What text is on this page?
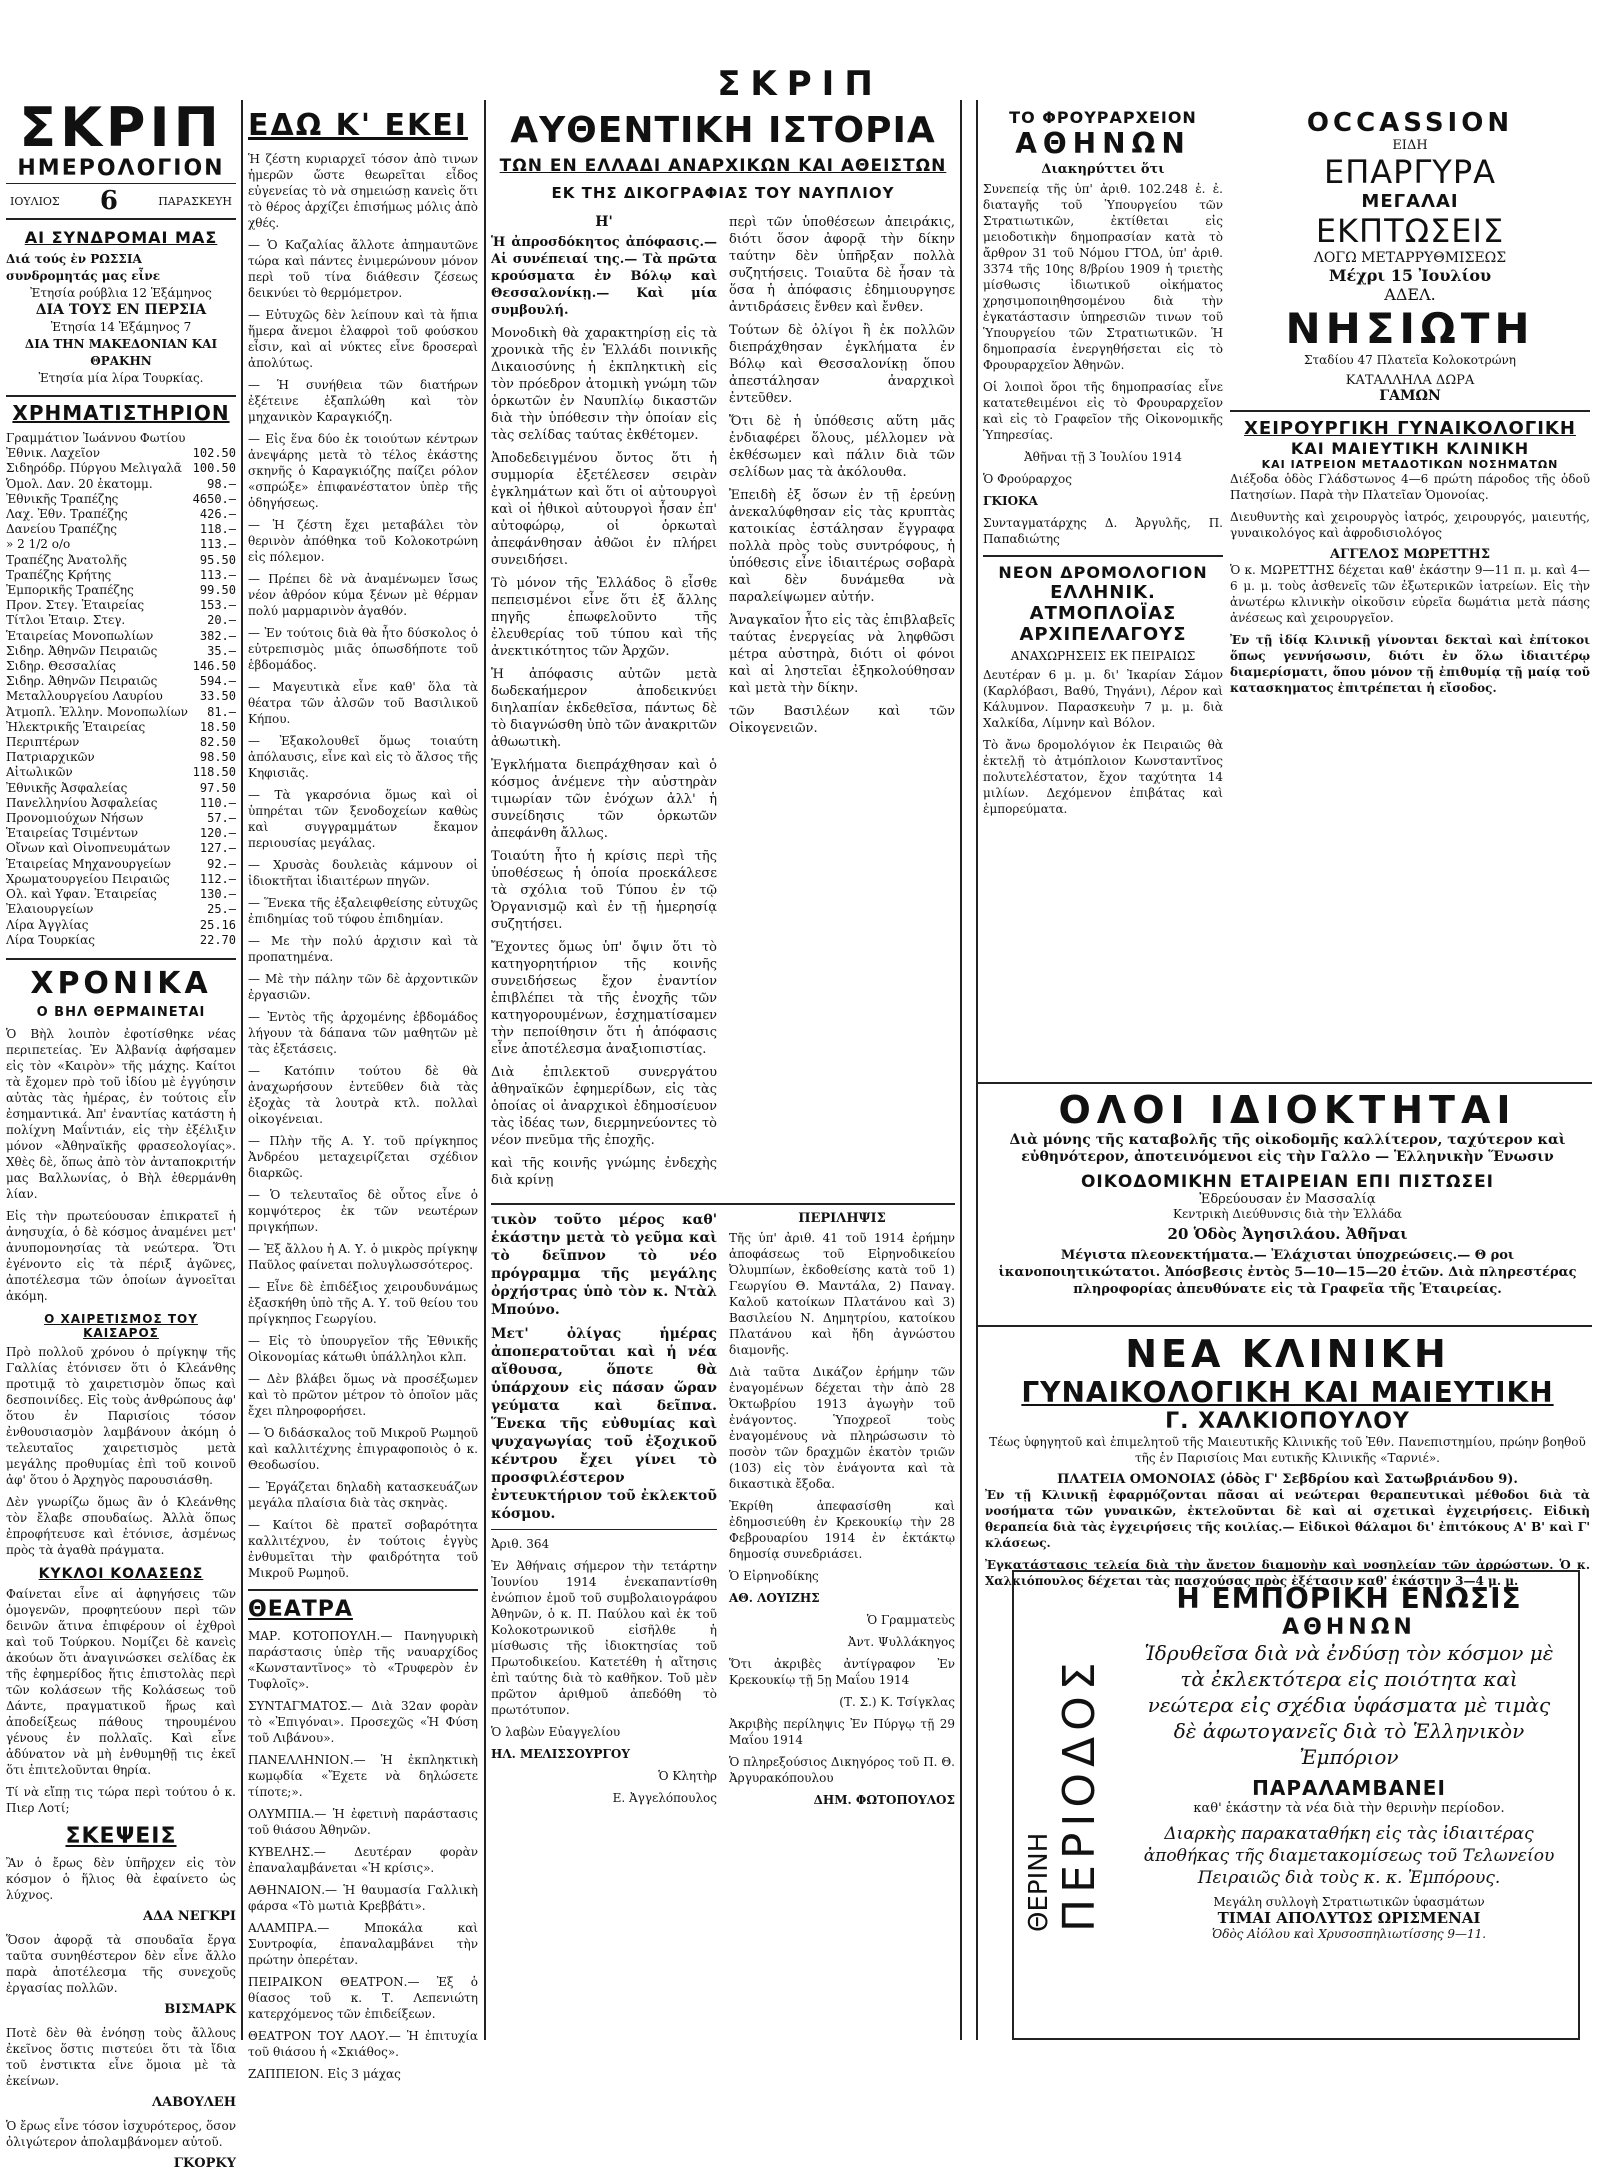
ΣΚΡΙΠ
ΣΚΡΙΠ
ΗΜΕΡΟΛΟΓΙΟΝ
ΙΟΥΛΙΟΣ 6	ΠΑΡΑΣΚΕΥΗ
ΑΙ ΣΥΝΔΡΟΜΑΙ ΜΑΣ
Διά τούς ἐν ΡΩΣΣΙΑ συνδρομητάς μας εἶνε
Ἐτησία ρούβλια 12 Ἑξάμηνος
ΔΙΑ ΤΟΥΣ ΕΝ ΠΕΡΣΙΑ
Ἐτησία 14 Ἑξάμηνος 7
ΔΙΑ ΤΗΝ ΜΑΚΕΔΟΝΙΑΝ ΚΑΙ ΘΡΑΚΗΝ
Ἐτησία μία λίρα Τουρκίας.
ΧΡΗΜΑΤΙΣΤΗΡΙΟΝ
Γραμμάτιον Ἰωάννου Φωτίου
Ἐθνικ. Λαχεῖον	102.50
Σιδηρόδρ. Πύργου Μελιγαλᾶ 100.50
Ὁμολ. Δαν. 20 ἑκατομμ.	98.—
Ἐθνικῆς Τραπέζης	4650.—
Λαχ. Ἐθν. Τραπέζης	426.—
Δανείου Τραπέζης	118.—
» 2 1/2 ο/ο	113.—
Τραπέζης Ἀνατολῆς	95.50
Τραπέζης Κρήτης	113.—
Ἐμπορικῆς Τραπέζης	99.50
Προν. Στεγ. Ἑταιρείας	153.—
Τίτλοι Ἑταιρ. Στεγ.	20.—
Ἑταιρείας Μονοπωλίων	382.—
Σιδηρ. Ἀθηνῶν Πειραιῶς	35.—
Σιδηρ. Θεσσαλίας	146.50
Σιδηρ. Ἀθηνῶν Πειραιῶς	594.—
Μεταλλουργείου Λαυρίου	33.50
Ἀτμοπλ. Ἑλλην. Μονοπωλίων 81.—
Ἠλεκτρικῆς Ἑταιρείας	18.50
Περιπτέρων	82.50
Πατριαρχικῶν	98.50
Αἰτωλικῶν	118.50
Ἐθνικῆς Ἀσφαλείας	97.50
Πανελληνίου Ἀσφαλείας	110.—
Προνομιούχων Νήσων	57.—
Ἑταιρείας Τσιμέντων	120.—
Οἴνων καὶ Οἰνοπνευμάτων 127.—
Ἑταιρείας Μηχανουργείων	92.—
Χρωματουργείου Πειραιῶς	112.—
Ολ. καὶ Υφαν. Ἑταιρείας	130.—
Ἐλαιουργείων	25.—
Λίρα Ἀγγλίας	25.16
Λίρα Τουρκίας	22.70
ΧΡΟΝΙΚΑ
Ο ΒΗΛ ΘΕΡΜΑΙΝΕΤΑΙ

Ὁ Βὴλ λοιπὸν ἐφοτίσθηκε νέας περιπετείας. Ἐν Ἀλβανίᾳ ἀφήσαμεν εἰς τὸν «Καιρὸν» τῆς μάχης. Καίτοι τὰ ἔχομεν πρὸ τοῦ ἰδίου μὲ ἐγγύησιν αὐτὰς τὰς ἡμέρας, ἐν τούτοις εἶν ἐσημαντικά. Ἀπ' ἐναντίας κατάστη ἡ πολίχνη Μαΐντιάν, εἰς τὴν ἐξέλιξιν μόνον «Ἀθηναϊκῆς φρασεολογίας». Χθὲς δὲ, ὅπως ἀπὸ τὸν ἀνταποκριτήν μας Βαλλωνίας, ὁ Βὴλ ἐθερμάνθη λίαν.

Εἰς τὴν πρωτεύουσαν ἐπικρατεῖ ἡ ἀνησυχία, ὁ δὲ κόσμος ἀναμένει μετ' ἀνυπομονησίας τὰ νεώτερα. Ὅτι ἐγένοντο εἰς τὰ πέριξ ἀγῶνες, ἀποτέλεσμα τῶν ὁποίων ἀγνοεῖται ἀκόμη.

Ο ΧΑΙΡΕΤΙΣΜΟΣ ΤΟΥ ΚΑΙΣΑΡΟΣ

Πρὸ πολλοῦ χρόνου ὁ πρίγκηψ τῆς Γαλλίας ἐτόνισεν ὅτι ὁ Κλεάνθης προτιμᾷ τὸ χαιρετισμὸν ὅπως καὶ δεσποινίδες. Εἰς τοὺς ἀνθρώπους ἀφ' ὅτου ἐν Παρισίοις τόσον ἐνθουσιασμὸν λαμβάνουν ἀκόμη ὁ τελευταῖος χαιρετισμὸς μετὰ μεγάλης προθυμίας ἐπὶ τοῦ κοινοῦ ἀφ' ὅτου ὁ Ἀρχηγὸς παρουσιάσθη.

Δὲν γνωρίζω ὅμως ἂν ὁ Κλεάνθης τὸν ἔλαβε σπουδαίως. Ἀλλὰ ὅπως ἐπροφήτευσε καὶ ἐτόνισε, ἀσμένως πρὸς τὰ ἀγαθὰ πράγματα.

ΚΥΚΛΟΙ ΚΟΛΑΣΕΩΣ

Φαίνεται εἶνε αἱ ἀφηγήσεις τῶν ὁμογενῶν, προφητεύουν περὶ τῶν δεινῶν ἅτινα ἐπιφέρουν οἱ ἐχθροὶ καὶ τοῦ Τούρκου. Νομίζει δὲ κανεὶς ἀκούων ὅτι ἀναγινώσκει σελίδας ἐκ τῆς ἐφημερίδος ἥτις ἐπιστολὰς περὶ τῶν κολάσεων τῆς Κολάσεως τοῦ Δάντε, πραγματικοῦ ἥρως καὶ ἀποδείξεως πάθους τηρουμένου γένους ἐν πολλαῖς. Καὶ εἶνε ἀδύνατον νὰ μὴ ἐνθυμηθῇ τις ἐκεῖ ὅτι ἐπιτελοῦνται θηρία.

Τί νὰ εἴπῃ τις τώρα περὶ τούτου ὁ κ. Πιερ Λοτί;

ΣΚΕΨΕΙΣ

Ἂν ὁ ἔρως δὲν ὑπῆρχεν εἰς τὸν κόσμον ὁ ἥλιος θὰ ἐφαίνετο ὡς λύχνος.

ΑΔΑ ΝΕΓΚΡΙ

Ὅσον ἀφορᾷ τὰ σπουδαῖα ἔργα ταῦτα συνηθέστερον δὲν εἶνε ἄλλο παρὰ ἀποτέλεσμα τῆς συνεχοῦς ἐργασίας πολλῶν.

ΒΙΣΜΑΡΚ

Ποτὲ δὲν θὰ ἐνόησῃ τοὺς ἄλλους ἐκεῖνος ὅστις πιστεύει ὅτι τὰ ἴδια τοῦ ἐνστικτα εἶνε ὅμοια μὲ τὰ ἐκείνων.

ΛΑΒΟΥΛΕΗ

Ὁ ἔρως εἶνε τόσον ἰσχυρότερος, ὅσον ὀλιγώτερον ἀπολαμβάνομεν αὐτοῦ.

ΓΚΟΡΚΥ
ΕΔΩ Κ' ΕΚΕΙ

Ἡ ζέστη κυριαρχεῖ τόσον ἀπὸ τινων ἡμερῶν ὥστε θεωρεῖται εἶδος εὐγενείας τὸ νὰ σημειώσῃ κανεὶς ὅτι τὸ θέρος ἀρχίζει ἐπισήμως μόλις ἀπὸ χθές.

— Ὁ Καζαλίας ἄλλοτε ἀπημαυτῶνε τώρα καὶ πάντες ἐνιμερώνουν μόνον περὶ τοῦ τίνα διάθεσιν ζέσεως δεικνύει τὸ θερμόμετρον.

— Εὐτυχῶς δὲν λείπουν καὶ τὰ ἥπια ἥμερα ἄνεμοι ἐλαφροὶ τοῦ φούσκου εἶσιν, καὶ αἱ νύκτες εἶνε δροσεραὶ ἀπολύτως.

— Ἡ συνήθεια τῶν διατήρων ἐξέτεινε ἐξαπλώθη καὶ τὸν μηχανικὸν Καραγκιόζη.

— Εἰς ἕνα δύο ἐκ τοιούτων κέντρων ἀνεψάρης μετὰ τὸ τέλος ἑκάστης σκηνῆς ὁ Καραγκιόζης παίζει ρόλον «σπρώξε» ἐπιφανέστατον ὑπὲρ τῆς ὁδηγήσεως.

— Ἡ ζέστη ἔχει μεταβάλει τὸν θερινὸν ἀπόθηκα τοῦ Κολοκοτρώνη εἰς πόλεμον.

— Πρέπει δὲ νὰ ἀναμένωμεν ἴσως νέον ἀθρόον κύμα ξένων μὲ θέρμαν πολύ μαρμαρινὸν ἀγαθόν.

— Ἐν τούτοις διὰ θὰ ἦτο δύσκολος ὁ εὐτρεπισμὸς μιᾶς ὁπωσδήποτε τοῦ ἑβδομάδος.

— Μαγευτικὰ εἶνε καθ' ὅλα τὰ θέατρα τῶν ἀλσῶν τοῦ Βασιλικοῦ Κήπου.

— Ἐξακολουθεῖ ὅμως τοιαύτη ἀπόλαυσις, εἶνε καὶ εἰς τὸ ἄλσος τῆς Κηφισιᾶς.

— Τὰ γκαρσόνια ὅμως καὶ οἱ ὑπηρέται τῶν ξενοδοχείων καθὼς καὶ συγγραμμάτων ἔκαμον περιουσίας μεγάλας.

— Χρυσὰς δουλειὰς κάμνουν οἱ ἰδιοκτῆται ἰδιαιτέρων πηγῶν.

— Ἕνεκα τῆς ἐξαλειφθείσης εὐτυχῶς ἐπιδημίας τοῦ τύφου ἐπιδημίαν.

— Με τὴν πολύ ἀρχισιν καὶ τὰ προπατημένα.

— Μὲ τὴν πάλην τῶν δὲ ἀρχοντικῶν ἐργασιῶν.

— Ἐντὸς τῆς ἀρχομένης ἑβδομάδος λήγουν τὰ δάπανα τῶν μαθητῶν μὲ τὰς ἐξετάσεις.

— Κατόπιν τούτου δὲ θὰ ἀναχωρήσουν ἐντεῦθεν διὰ τὰς ἐξοχὰς τὰ λουτρὰ κτλ. πολλαὶ οἰκογένειαι.

— Πλὴν τῆς Α. Υ. τοῦ πρίγκηπος Ἀνδρέου μεταχειρίζεται σχέδιον διαρκῶς.

— Ὁ τελευταῖος δὲ οὗτος εἶνε ὁ κομψότερος ἐκ τῶν νεωτέρων πριγκήπων.

— Ἐξ ἄλλου ἡ Α. Υ. ὁ μικρὸς πρίγκηψ Παῦλος φαίνεται πολυγλωσσότερος.

— Εἶνε δὲ ἐπιδέξιος χειρουδυνάμως ἐξασκήθη ὑπὸ τῆς Α. Υ. τοῦ θείου του πρίγκηπος Γεωργίου.

— Εἰς τὸ ὑπουργεῖον τῆς Ἐθνικῆς Οἰκονομίας κάτωθι ὑπάλληλοι κλπ.

— Δὲν βλάβει ὅμως νὰ προσέξωμεν καὶ τὸ πρῶτον μέτρον τὸ ὁποῖον μᾶς ἔχει πληροφορήσει.

— Ὁ διδάσκαλος τοῦ Μικροῦ Ρωμηοῦ καὶ καλλιτέχνης ἐπιγραφοποιὸς ὁ κ. Θεοδωσίου.

— Ἐργάζεται δηλαδὴ κατασκευάζων μεγάλα πλαίσια διὰ τὰς σκηνὰς.

— Καίτοι δὲ πρατεῖ σοβαρότητα καλλιτέχνου, ἐν τούτοις ἐγγὺς ἐνθυμεῖται τὴν φαιδρότητα τοῦ Μικροῦ Ρωμηοῦ.

ΘΕΑΤΡΑ

ΜΑΡ. ΚΟΤΟΠΟΥΛΗ.— Πανηγυρικὴ παράστασις ὑπὲρ τῆς ναυαρχίδος «Κωνσταντῖνος» τὸ «Τρυφερὸν ἐν Τυφλοῖς».

ΣΥΝΤΑΓΜΑΤΟΣ.— Διὰ 32αν φορὰν τὸ «Ἐπιγόναι». Προσεχῶς «Ἡ Φύση τοῦ Λιβάνου».

ΠΑΝΕΛΛΗΝΙΟΝ.— Ἡ ἐκπληκτικὴ κωμῳδία «Ἔχετε νὰ δηλώσετε τίποτε;».

ΟΛΥΜΠΙΑ.— Ἡ ἐφετινὴ παράστασις τοῦ θιάσου Ἀθηνῶν.

ΚΥΒΕΛΗΣ.— Δευτέραν φορὰν ἐπαναλαμβάνεται «Ἡ κρίσις».

ΑΘΗΝΑΙΟΝ.— Ἡ θαυμασία Γαλλικὴ φάρσα «Τὸ μωτιὰ Κρεββάτι».

ΑΛΑΜΠΡΑ.— Μποκάλα καὶ Συντροφία, ἐπαναλαμβάνει τὴν πρώτην ὀπερέταν.

ΠΕΙΡΑΙΚΟΝ ΘΕΑΤΡΟΝ.— Ἐξ ὁ θίασος τοῦ κ. Τ. Λεπενιώτη κατερχόμενος τῶν ἐπιδείξεων.

ΘΕΑΤΡΟΝ ΤΟΥ ΛΑΟΥ.— Ἡ ἐπιτυχία τοῦ θιάσου ἡ «Σκιάθος».

ΖΑΠΠΕΙΟΝ. Εἰς 3 μάχας

ΑΥΘΕΝΤΙΚΗ ΙΣΤΟΡΙΑ
ΤΩΝ ΕΝ ΕΛΛΑΔΙ ΑΝΑΡΧΙΚΩΝ ΚΑΙ ΑΘΕΙΣΤΩΝ
ΕΚ ΤΗΣ ΔΙΚΟΓΡΑΦΙΑΣ ΤΟΥ ΝΑΥΠΛΙΟΥ
Η'

Ἡ ἀπροσδόκητος ἀπόφασις.— Αἱ συνέπειαί της.— Τὰ πρῶτα κρούσματα ἐν Βόλῳ καὶ Θεσσαλονίκῃ.— Καὶ μία συμβουλή.

Μονοδικὴ θὰ χαρακτηρίσῃ εἰς τὰ χρονικὰ τῆς ἐν Ἑλλάδι ποινικῆς Δικαιοσύνης ἡ ἐκπληκτικὴ εἰς τὸν πρόεδρον ἀτομικὴ γνώμη τῶν ὁρκωτῶν ἐν Ναυπλίῳ δικαστῶν διὰ τὴν ὑπόθεσιν τὴν ὁποίαν εἰς τὰς σελίδας ταύτας ἐκθέτομεν.

Ἀποδεδειγμένου ὄντος ὅτι ἡ συμμορία ἐξετέλεσεν σειρὰν ἐγκλημάτων καὶ ὅτι οἱ αὐτουργοὶ καὶ οἱ ἠθικοὶ αὐτουργοὶ ἦσαν ἐπ' αὐτοφώρῳ, οἱ ὁρκωταὶ ἀπεφάνθησαν ἀθῶοι ἐν πλήρει συνειδήσει.

Τὸ μόνον τῆς Ἑλλάδος ὃ εἶσθε πεπεισμένοι εἶνε ὅτι ἐξ ἄλλης πηγῆς ἐπωφελοῦντο τῆς ἐλευθερίας τοῦ τύπου καὶ τῆς ἀνεκτικότητος τῶν Ἀρχῶν.

Ἡ ἀπόφασις αὐτῶν μετὰ δωδεκαήμερον ἀποδεικνύει διηλαπίαν ἐκδεθεῖσα, πάντως δὲ τὸ διαγνώσθη ὑπὸ τῶν ἀνακριτῶν ἀθωωτικὴ.

Ἐγκλήματα διεπράχθησαν καὶ ὁ κόσμος ἀνέμενε τὴν αὐστηρὰν τιμωρίαν τῶν ἐνόχων ἀλλ' ἡ συνείδησις τῶν ὁρκωτῶν ἀπεφάνθη ἄλλως.

Τοιαύτη ἦτο ἡ κρίσις περὶ τῆς ὑποθέσεως ἡ ὁποία προεκάλεσε τὰ σχόλια τοῦ Τύπου ἐν τῷ Ὀργανισμῷ καὶ ἐν τῇ ἡμερησίᾳ συζητήσει.

Ἔχοντες ὅμως ὑπ' ὄψιν ὅτι τὸ κατηγορητήριον τῆς κοινῆς συνειδήσεως ἔχον ἐναντίον ἐπιβλέπει τὰ τῆς ἐνοχῆς τῶν κατηγορουμένων, ἐσχηματίσαμεν τὴν πεποίθησιν ὅτι ἡ ἀπόφασις εἶνε ἀποτέλεσμα ἀναξιοπιστίας.

Διὰ ἐπιλεκτοῦ συνεργάτου ἀθηναϊκῶν ἐφημερίδων, εἰς τὰς ὁποίας οἱ ἀναρχικοὶ ἐδημοσίευον τὰς ἰδέας των, διερμηνεύοντες τὸ νέον πνεῦμα τῆς ἐποχῆς.

καὶ τῆς κοινῆς γνώμης ἐνδεχὴς διὰ κρίνῃ

περὶ τῶν ὑποθέσεων ἀπειράκις, διότι ὅσον ἀφορᾷ τὴν δίκην ταύτην δὲν ὑπῆρξαν πολλὰ συζητήσεις. Τοιαῦτα δὲ ἦσαν τὰ ὅσα ἡ ἀπόφασις ἐδημιουργησε ἀντιδράσεις ἔνθεν καὶ ἔνθεν.

Τούτων δὲ ὀλίγοι ἢ ἐκ πολλῶν διεπράχθησαν ἐγκλήματα ἐν Βόλῳ καὶ Θεσσαλονίκῃ ὅπου ἀπεστάλησαν ἀναρχικοὶ ἐντεῦθεν.

Ὅτι δὲ ἡ ὑπόθεσις αὕτη μᾶς ἐνδιαφέρει ὅλους, μέλλομεν νὰ ἐκθέσωμεν καὶ πάλιν διὰ τῶν σελίδων μας τὰ ἀκόλουθα.

Ἐπειδὴ ἐξ ὅσων ἐν τῇ ἐρεύνῃ ἀνεκαλύφθησαν εἰς τὰς κρυπτὰς κατοικίας ἐστάλησαν ἔγγραφα πολλὰ πρὸς τοὺς συντρόφους, ἡ ὑπόθεσις εἶνε ἰδιαιτέρως σοβαρὰ καὶ δὲν δυνάμεθα νὰ παραλείψωμεν αὐτήν.

Ἀναγκαῖον ἦτο εἰς τὰς ἐπιβλαβεῖς ταύτας ἐνεργείας νὰ ληφθῶσι μέτρα αὐστηρὰ, διότι οἱ φόνοι καὶ αἱ ληστεῖαι ἐξηκολούθησαν καὶ μετὰ τὴν δίκην.

τῶν Βασιλέων καὶ τῶν Οἰκογενειῶν.

τικὸν τοῦτο μέρος καθ' ἑκάστην μετὰ τὸ γεῦμα καὶ τὸ δεῖπνον τὸ νέο πρόγραμμα τῆς μεγάλης ὀρχήστρας ὑπὸ τὸν κ. Ντὰλ Μπούνο.

Μετ' ὀλίγας ἡμέρας ἀποπερατοῦται καὶ ἡ νέα αἴθουσα, ὅποτε θὰ ὑπάρχουν εἰς πάσαν ὥραν γεύματα καὶ δεῖπνα. Ἕνεκα τῆς εὐθυμίας καὶ ψυχαγωγίας τοῦ ἐξοχικοῦ κέντρου ἔχει γίνει τὸ προσφιλέστερον ἐντευκτήριον τοῦ ἐκλεκτοῦ κόσμου.

Ἀριθ. 364

Ἐν Ἀθήναις σήμερον τὴν τετάρτην Ἰουνίου 1914 ἐνεκαπαντίσθη ἐνώπιον ἐμοῦ τοῦ συμβολαιογράφου Ἀθηνῶν, ὁ κ. Π. Παύλου καὶ ἐκ τοῦ Κολοκοτρωνικοῦ εἰσῆλθε ἡ μίσθωσις τῆς ἰδιοκτησίας τοῦ Πρωτοδικείου. Κατετέθη ἡ αἴτησις ἐπὶ ταύτης διὰ τὸ καθῆκον. Τοῦ μὲν πρῶτον ἀριθμοῦ ἀπεδόθη τὸ πρωτότυπον.

Ὁ λαβὼν Εὐαγγελίου
ΗΛ. ΜΕΛΙΣΣΟΥΡΓΟΥ
Ὁ Κλητὴρ
Ε. Ἀγγελόπουλος
ΠΕΡΙΛΗΨΙΣ

Τῆς ὑπ' ἀριθ. 41 τοῦ 1914 ἐρήμην ἀποφάσεως τοῦ Εἰρηνοδικείου Ὀλυμπίων, ἐκδοθείσης κατὰ τοῦ 1) Γεωργίου Θ. Μαντάλα, 2) Παναγ. Καλοῦ κατοίκων Πλατάνου καὶ 3) Βασιλείου Ν. Δημητρίου, κατοίκου Πλατάνου καὶ ἤδη ἀγνώστου διαμονῆς.

Διὰ ταῦτα Δικάζον ἐρήμην τῶν ἐναγομένων δέχεται τὴν ἀπὸ 28 Ὀκτωβρίου 1913 ἀγωγὴν τοῦ ἐνάγοντος. Ὑποχρεοῖ τοὺς ἐναγομένους νὰ πληρώσωσιν τὸ ποσὸν τῶν δραχμῶν ἑκατὸν τριῶν (103) εἰς τὸν ἐνάγοντα καὶ τὰ δικαστικὰ ἔξοδα.

Ἐκρίθη ἀπεφασίσθη καὶ ἐδημοσιεύθη ἐν Κρεκουκίῳ τὴν 28 Φεβρουαρίου 1914 ἐν ἐκτάκτῳ δημοσίᾳ συνεδριάσει.

Ὁ Εἰρηνοδίκης
ΑΘ. ΛΟΥΙΖΗΣ
Ὁ Γραμματεὺς
Ἀντ. Ψυλλάκηγος
Ὅτι ἀκριβὲς ἀντίγραφον Ἐν Κρεκουκίῳ τῇ 5ῃ Μαΐου 1914
(Τ. Σ.) Κ. Τσίγκλας
Ἀκριβὴς περίληψις Ἐν Πύργῳ τῇ 29 Μαΐου 1914
Ὁ πληρεξούσιος Δικηγόρος τοῦ Π. Θ. Ἀργυρακόπουλου
ΔΗΜ. ΦΩΤΟΠΟΥΛΟΣ
ΤΟ ΦΡΟΥΡΑΡΧΕΙΟΝ
ΑΘΗΝΩΝ
Διακηρύττει ὅτι

Συνεπείᾳ τῆς ὑπ' ἀριθ. 102.248 ἐ. ἐ. διαταγῆς τοῦ Ὑπουργείου τῶν Στρατιωτικῶν, ἐκτίθεται εἰς μειοδοτικὴν δημοπρασίαν κατὰ τὸ ἄρθρον 31 τοῦ Νόμου ΓΤΟΔ, ὑπ' ἀριθ. 3374 τῆς 10ης 8/βρίου 1909 ἡ τριετὴς μίσθωσις ἰδιωτικοῦ οἰκήματος χρησιμοποιηθησομένου διὰ τὴν ἐγκατάστασιν ὑπηρεσιῶν τινων τοῦ Ὑπουργείου τῶν Στρατιωτικῶν. Ἡ δημοπρασία ἐνεργηθήσεται εἰς τὸ Φρουραρχεῖον Ἀθηνῶν.

Οἱ λοιποὶ ὅροι τῆς δημοπρασίας εἶνε κατατεθειμένοι εἰς τὸ Φρουραρχεῖον καὶ εἰς τὸ Γραφεῖον τῆς Οἰκονομικῆς Ὑπηρεσίας.

Ἀθῆναι τῇ 3 Ἰουλίου 1914
Ὁ Φρούραρχος
ΓΚΙΟΚΑ
Συνταγματάρχης Δ. Ἀργυλῆς, Π. Παπαδιώτης
ΝΕΟΝ ΔΡΟΜΟΛΟΓΙΟΝ
ΕΛΛΗΝΙΚ. ΑΤΜΟΠΛΟΪΑΣ
ΑΡΧΙΠΕΛΑΓΟΥΣ
ΑΝΑΧΩΡΗΣΕΙΣ ΕΚ ΠΕΙΡΑΙΩΣ

Δευτέραν 6 μ. μ. δι' Ἰκαρίαν Σάμον (Καρλόβασι, Βαθύ, Τηγάνι), Λέρον καὶ Κάλυμνον. Παρασκευὴν 7 μ. μ. διὰ Χαλκίδα, Λίμνην καὶ Βόλον.

Τὸ ἄνω δρομολόγιον ἐκ Πειραιῶς θὰ ἐκτελῇ τὸ ἀτμόπλοιον Κωνσταντῖνος πολυτελέστατον, ἔχον ταχύτητα 14 μιλίων. Δεχόμενον ἐπιβάτας καὶ ἐμπορεύματα.

OCCASSION
ΕΙΔΗ
ΕΠΑΡΓΥΡΑ
ΜΕΓΑΛΑΙ
ΕΚΠΤΩΣΕΙΣ
ΛΟΓΩ ΜΕΤΑΡΡΥΘΜΙΣΕΩΣ
Μέχρι 15 Ἰουλίου
ΑΔΕΛ.
ΝΗΣΙΩΤΗ
Σταδίου 47 Πλατεῖα Κολοκοτρώνη
ΚΑΤΑΛΛΗΛΑ ΔΩΡΑ
ΓΑΜΩΝ
ΧΕΙΡΟΥΡΓΙΚΗ ΓΥΝΑΙΚΟΛΟΓΙΚΗ
ΚΑΙ ΜΑΙΕΥΤΙΚΗ ΚΛΙΝΙΚΗ
ΚΑΙ ΙΑΤΡΕΙΟΝ ΜΕΤΑΔΟΤΙΚΩΝ ΝΟΣΗΜΑΤΩΝ

Διέξοδα ὁδὸς Γλάδστωνος 4—6 πρώτη πάροδος τῆς ὁδοῦ Πατησίων. Παρὰ τὴν Πλατεῖαν Ὁμονοίας.

Διευθυντὴς καὶ χειρουργὸς ἰατρός, χειρουργός, μαιευτής, γυναικολόγος καὶ ἀφροδισιολόγος

ΑΓΓΕΛΟΣ ΜΩΡΕΤΤΗΣ

Ὁ κ. ΜΩΡΕΤΤΗΣ δέχεται καθ' ἑκάστην 9—11 π. μ. καὶ 4—6 μ. μ. τοὺς ἀσθενεῖς τῶν ἐξωτερικῶν ἰατρείων. Εἰς τὴν ἀνωτέρω κλινικὴν οἰκοῦσιν εὐρεῖα δωμάτια μετὰ πάσης ἀνέσεως καὶ χειρουργεῖον.

Ἐν τῇ ἰδίᾳ Κλινικῇ γίνονται δεκταὶ καὶ ἐπίτοκοι ὅπως γεννήσωσιν, διότι ἐν ὅλω ἰδιαιτέρῳ διαμερίσματι, ὅπου μόνον τῇ ἐπιθυμίᾳ τῇ μαίᾳ τοῦ κατασκηματος ἐπιτρέπεται ἡ εἴσοδος.

ΟΛΟΙ ΙΔΙΟΚΤΗΤΑΙ

Διὰ μόνης τῆς καταβολῆς τῆς οἰκοδομῆς καλλίτερον, ταχύτερον καὶ εὐθηνότερον, ἀποτεινόμενοι εἰς τὴν Γαλλο — Ἑλληνικὴν Ἕνωσιν

ΟΙΚΟΔΟΜΙΚΗΝ ΕΤΑΙΡΕΙΑΝ ΕΠΙ ΠΙΣΤΩΣΕΙ
Ἑδρεύουσαν ἐν Μασσαλίᾳ
Κεντρικὴ Διεύθυνσις διὰ τὴν Ἑλλάδα
20 Ὁδὸς Ἀγησιλάου. Ἀθῆναι

Μέγιστα πλεονεκτήματα.— Ἐλάχισται ὑποχρεώσεις.— Θ ροι ἱκανοποιητικώτατοι. Ἀπόσβεσις ἐντὸς 5—10—15—20 ἐτῶν. Διὰ πληρεστέρας πληροφορίας ἀπευθύνατε εἰς τὰ Γραφεῖα τῆς Ἑταιρείας.

ΝΕΑ ΚΛΙΝΙΚΗ
ΓΥΝΑΙΚΟΛΟΓΙΚΗ ΚΑΙ ΜΑΙΕΥΤΙΚΗ
Γ. ΧΑΛΚΙΟΠΟΥΛΟΥ

Τέως ὑφηγητοῦ καὶ ἐπιμελητοῦ τῆς Μαιευτικῆς Κλινικῆς τοῦ Ἐθν. Πανεπιστημίου, πρώην βοηθοῦ τῆς ἐν Παρισίοις Μαι ευτικῆς Κλινικῆς «Ταρνιέ».

ΠΛΑΤΕΙΑ ΟΜΟΝΟΙΑΣ (ὁδὸς Γ' Σεβδρίου καὶ Σατωβριάνδου 9).

Ἐν τῇ Κλινικῇ ἐφαρμόζονται πᾶσαι αἱ νεώτεραι θεραπευτικαὶ μέθοδοι διὰ τὰ νοσήματα τῶν γυναικῶν, ἐκτελοῦνται δὲ καὶ αἱ σχετικαὶ ἐγχειρήσεις. Εἰδικὴ θεραπεία διὰ τὰς ἐγχειρήσεις τῆς κοιλίας.— Εἰδικοὶ θάλαμοι δι' ἐπιτόκους Α' Β' καὶ Γ' κλάσεως.

Ἐγκατάστασις τελεία διὰ τὴν ἄνετον διαμονὴν καὶ νοσηλείαν τῶν ἀρρώστων. Ὁ κ. Χαλκιόπουλος δέχεται τὰς πασχούσας πρὸς ἐξέτασιν καθ' ἑκάστην 3—4 μ. μ.

ΘΕΡΙΝΗ ΠΕΡΙΟΔΟΣ
Η ΕΜΠΟΡΙΚΗ ΕΝΩΣΙΣ
ΑΘΗΝΩΝ

Ἱδρυθεῖσα διὰ νὰ ἐνδύσῃ τὸν κόσμον μὲ τὰ ἐκλεκτότερα εἰς ποιότητα καὶ νεώτερα εἰς σχέδια ὑφάσματα μὲ τιμὰς δὲ ἀφωτογανεῖς διὰ τὸ Ἑλληνικὸν Ἐμπόριον

ΠΑΡΑΛΑΜΒΑΝΕΙ

καθ' ἑκάστην τὰ νέα διὰ τὴν θερινὴν περίοδον.

Διαρκὴς παρακαταθήκη εἰς τὰς ἰδιαιτέρας ἀποθήκας τῆς διαμετακομίσεως τοῦ Τελωνείου Πειραιῶς διὰ τοὺς κ. κ. Ἐμπόρους.

Μεγάλη συλλογὴ Στρατιωτικῶν ὑφασμάτων
ΤΙΜΑΙ ΑΠΟΛΥΤΩΣ ΩΡΙΣΜΕΝΑΙ
Ὁδὸς Αἰόλου καὶ Χρυσοσπηλιωτίσσης 9—11.
